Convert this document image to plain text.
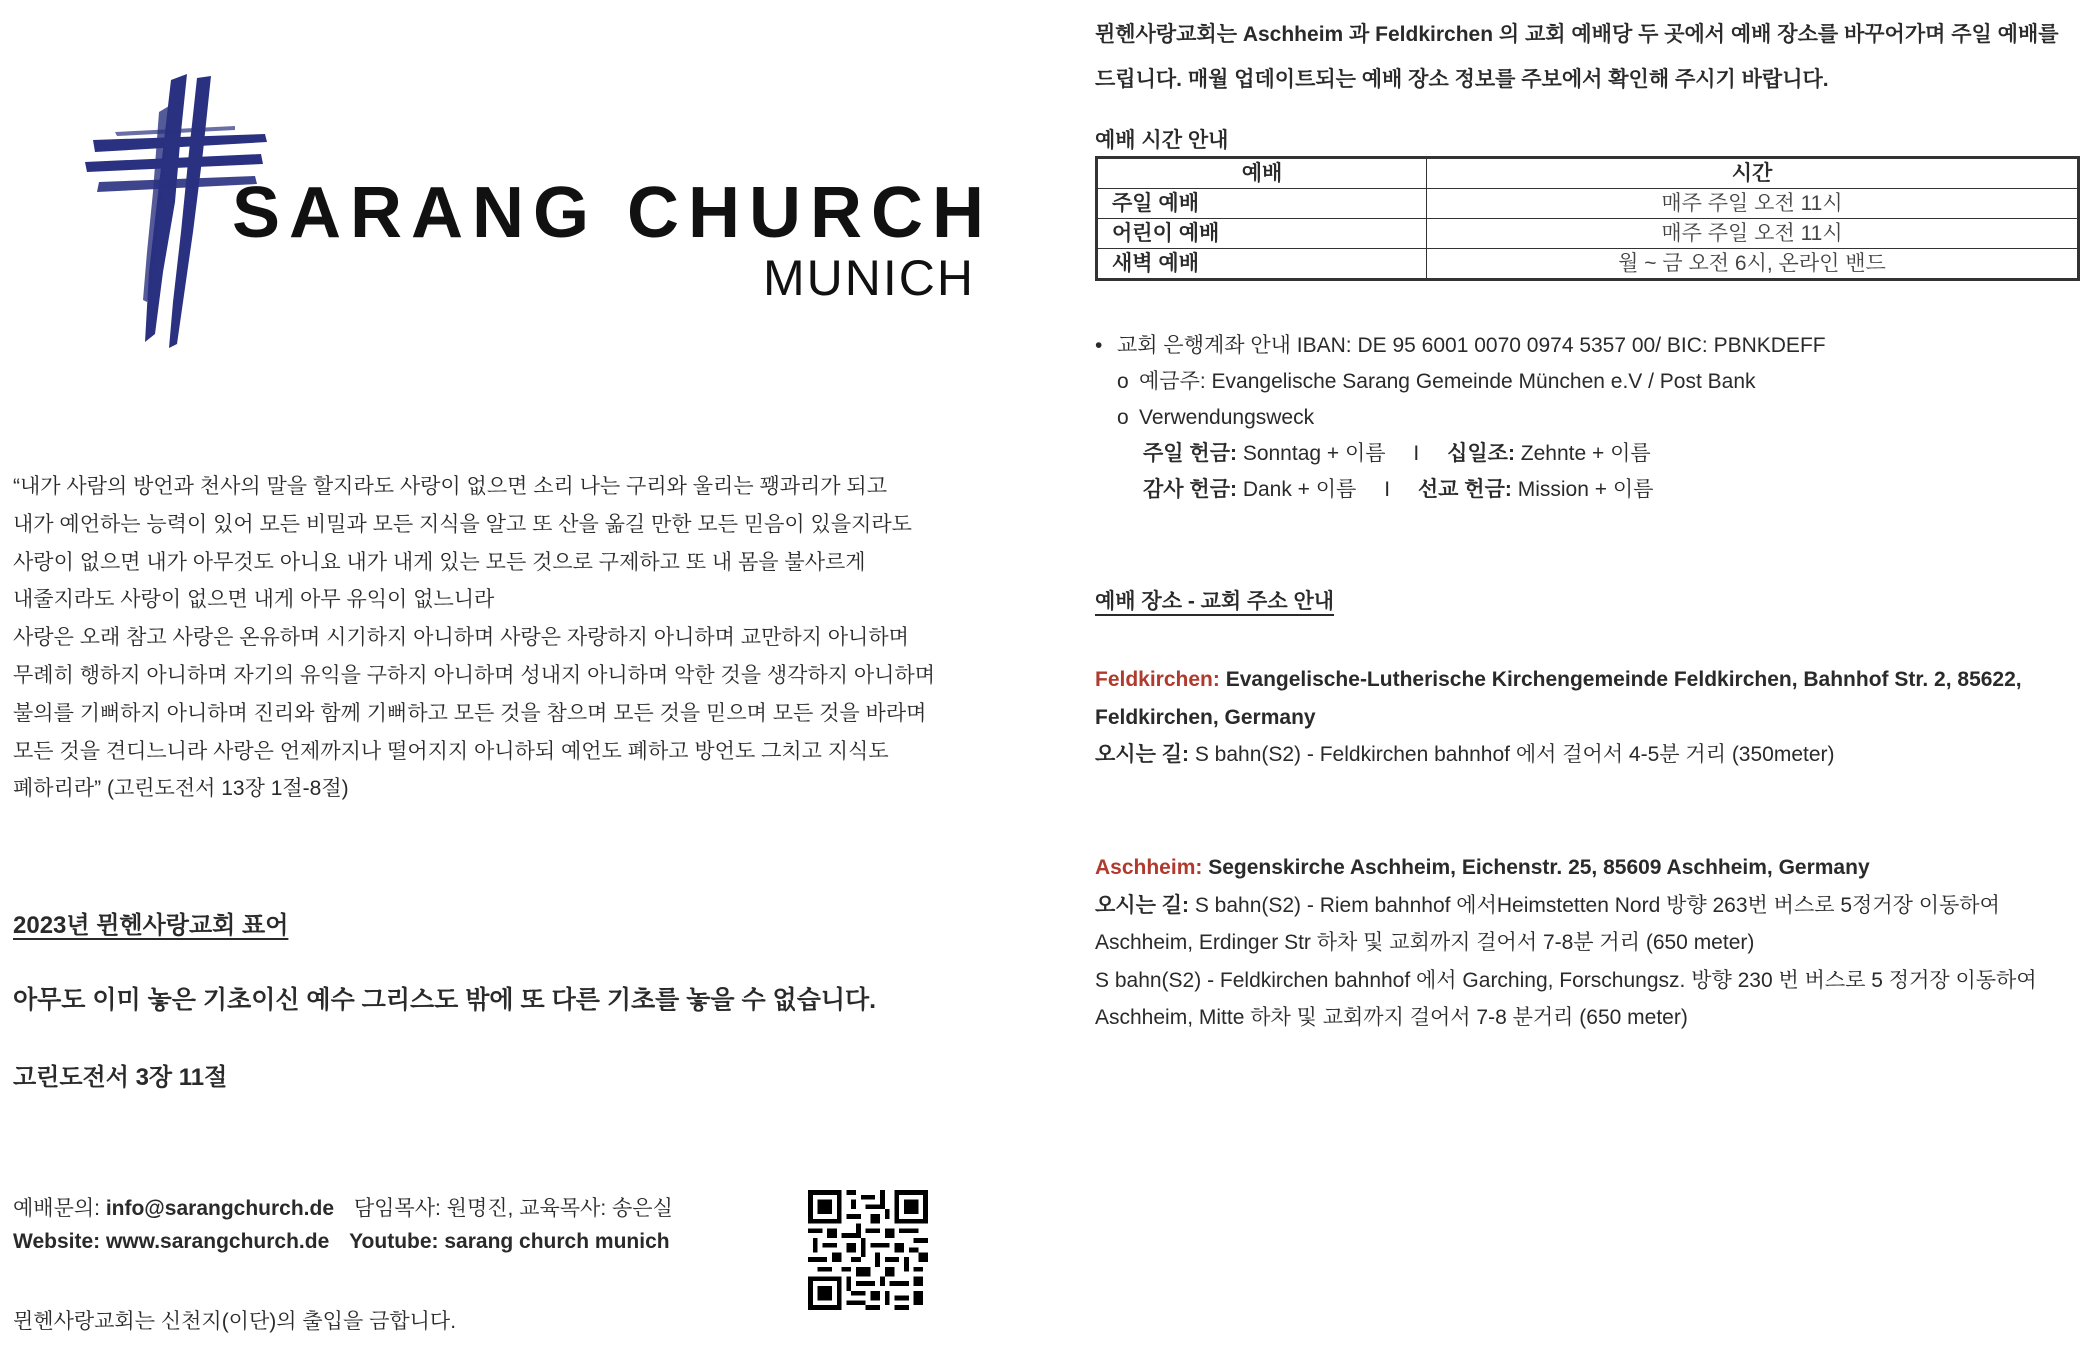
SARANG CHURCH
MUNICH
“내가 사람의 방언과 천사의 말을 할지라도 사랑이 없으면 소리 나는 구리와 울리는 꽹과리가 되고
내가 예언하는 능력이 있어 모든 비밀과 모든 지식을 알고 또 산을 옮길 만한 모든 믿음이 있을지라도
사랑이 없으면 내가 아무것도 아니요 내가 내게 있는 모든 것으로 구제하고 또 내 몸을 불사르게
내줄지라도 사랑이 없으면 내게 아무 유익이 없느니라
사랑은 오래 참고 사랑은 온유하며 시기하지 아니하며 사랑은 자랑하지 아니하며 교만하지 아니하며
무례히 행하지 아니하며 자기의 유익을 구하지 아니하며 성내지 아니하며 악한 것을 생각하지 아니하며
불의를 기뻐하지 아니하며 진리와 함께 기뻐하고 모든 것을 참으며 모든 것을 믿으며 모든 것을 바라며
모든 것을 견디느니라 사랑은 언제까지나 떨어지지 아니하되 예언도 폐하고 방언도 그치고 지식도
폐하리라” (고린도전서 13장 1절-8절)
2023년 뮌헨사랑교회 표어
아무도 이미 놓은 기초이신 예수 그리스도 밖에 또 다른 기초를 놓을 수 없습니다.
고린도전서 3장 11절
예배문의: info@sarangchurch.de 담임목사: 원명진, 교육목사: 송은실
Website: www.sarangchurch.de Youtube: sarang church munich
뮌헨사랑교회는 신천지(이단)의 출입을 금합니다.
뮌헨사랑교회는 Aschheim 과 Feldkirchen 의 교회 예배당 두 곳에서 예배 장소를 바꾸어가며 주일 예배를
드립니다. 매월 업데이트되는 예배 장소 정보를 주보에서 확인해 주시기 바랍니다.
예배 시간 안내
예배	시간
주일 예배	매주 주일 오전 11시
어린이 예배	매주 주일 오전 11시
새벽 예배	월 ~ 금 오전 6시, 온라인 밴드
• 교회 은행계좌 안내 IBAN: DE 95 6001 0070 0974 5357 00/ BIC: PBNKDEFF
o 예금주: Evangelische Sarang Gemeinde München e.V / Post Bank
o Verwendungsweck
주일 헌금: Sonntag + 이름 I 십일조: Zehnte + 이름
감사 헌금: Dank + 이름 I 선교 헌금: Mission + 이름
예배 장소 - 교회 주소 안내
Feldkirchen: Evangelische-Lutherische Kirchengemeinde Feldkirchen, Bahnhof Str. 2, 85622,
Feldkirchen, Germany
오시는 길: S bahn(S2) - Feldkirchen bahnhof 에서 걸어서 4-5분 거리 (350meter)
Aschheim: Segenskirche Aschheim, Eichenstr. 25, 85609 Aschheim, Germany
오시는 길: S bahn(S2) - Riem bahnhof 에서Heimstetten Nord 방향 263번 버스로 5정거장 이동하여
Aschheim, Erdinger Str 하차 및 교회까지 걸어서 7-8분 거리 (650 meter)
S bahn(S2) - Feldkirchen bahnhof 에서 Garching, Forschungsz. 방향 230 번 버스로 5 정거장 이동하여
Aschheim, Mitte 하차 및 교회까지 걸어서 7-8 분거리 (650 meter)
